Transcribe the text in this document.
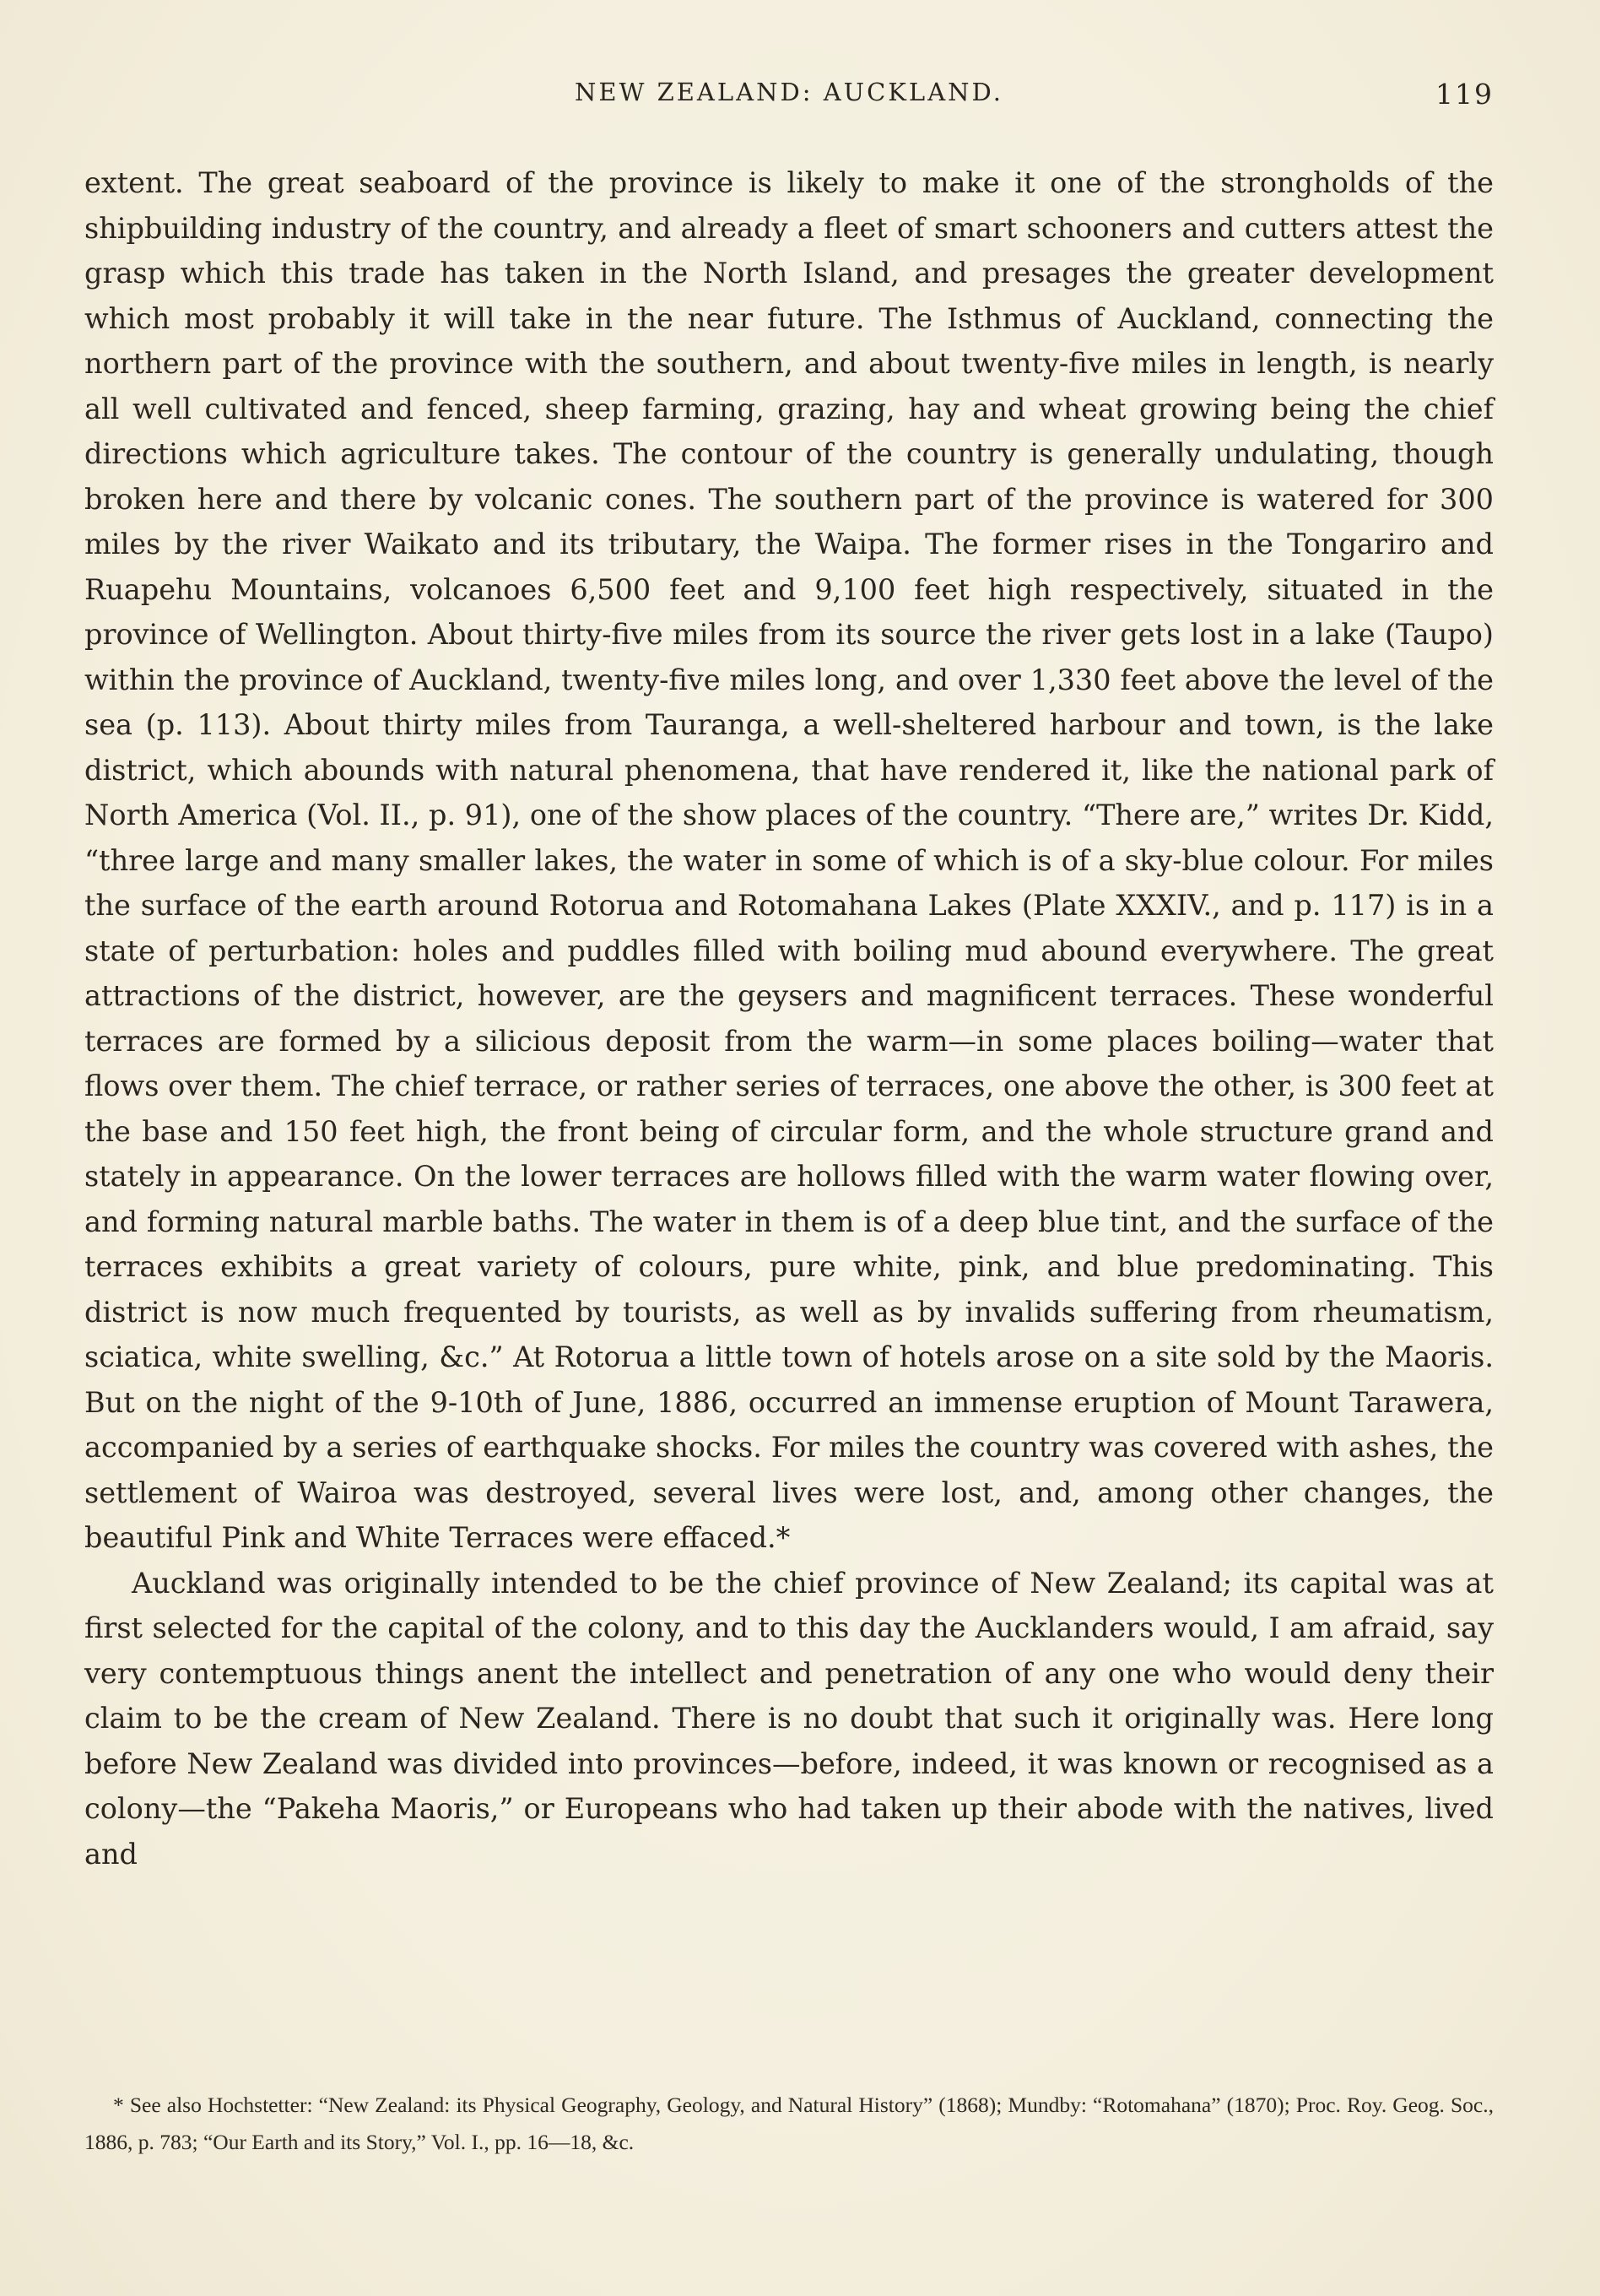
NEW ZEALAND: AUCKLAND.	119

extent. The great seaboard of the province is likely to make it one of the strongholds of the shipbuilding industry of the country, and already a fleet of smart schooners and cutters attest the grasp which this trade has taken in the North Island, and presages the greater development which most probably it will take in the near future. The Isthmus of Auckland, connecting the northern part of the province with the southern, and about twenty-five miles in length, is nearly all well cultivated and fenced, sheep farming, grazing, hay and wheat growing being the chief directions which agriculture takes. The contour of the country is generally undulating, though broken here and there by volcanic cones. The southern part of the province is watered for 300 miles by the river Waikato and its tributary, the Waipa. The former rises in the Tongariro and Ruapehu Mountains, volcanoes 6,500 feet and 9,100 feet high respectively, situated in the province of Wellington. About thirty-five miles from its source the river gets lost in a lake (Taupo) within the province of Auckland, twenty-five miles long, and over 1,330 feet above the level of the sea (p. 113). About thirty miles from Tauranga, a well-sheltered harbour and town, is the lake district, which abounds with natural phenomena, that have rendered it, like the national park of North America (Vol. II., p. 91), one of the show places of the country. “There are,” writes Dr. Kidd, “three large and many smaller lakes, the water in some of which is of a sky-blue colour. For miles the surface of the earth around Rotorua and Rotomahana Lakes (Plate XXXIV., and p. 117) is in a state of perturbation: holes and puddles filled with boiling mud abound everywhere. The great attractions of the district, however, are the geysers and magnificent terraces. These wonderful terraces are formed by a silicious deposit from the warm—in some places boiling—water that flows over them. The chief terrace, or rather series of terraces, one above the other, is 300 feet at the base and 150 feet high, the front being of circular form, and the whole structure grand and stately in appearance. On the lower terraces are hollows filled with the warm water flowing over, and forming natural marble baths. The water in them is of a deep blue tint, and the surface of the terraces exhibits a great variety of colours, pure white, pink, and blue predominating. This district is now much frequented by tourists, as well as by invalids suffering from rheumatism, sciatica, white swelling, &c.” At Rotorua a little town of hotels arose on a site sold by the Maoris. But on the night of the 9-10th of June, 1886, occurred an immense eruption of Mount Tarawera, accompanied by a series of earthquake shocks. For miles the country was covered with ashes, the settlement of Wairoa was destroyed, several lives were lost, and, among other changes, the beautiful Pink and White Terraces were effaced.*

Auckland was originally intended to be the chief province of New Zealand; its capital was at first selected for the capital of the colony, and to this day the Aucklanders would, I am afraid, say very contemptuous things anent the intellect and penetration of any one who would deny their claim to be the cream of New Zealand. There is no doubt that such it originally was. Here long before New Zealand was divided into provinces—before, indeed, it was known or recognised as a colony—the “Pakeha Maoris,” or Europeans who had taken up their abode with the natives, lived and

* See also Hochstetter: “New Zealand: its Physical Geography, Geology, and Natural History” (1868); Mundby: “Rotomahana” (1870); Proc. Roy. Geog. Soc., 1886, p. 783; “Our Earth and its Story,” Vol. I., pp. 16—18, &c.
